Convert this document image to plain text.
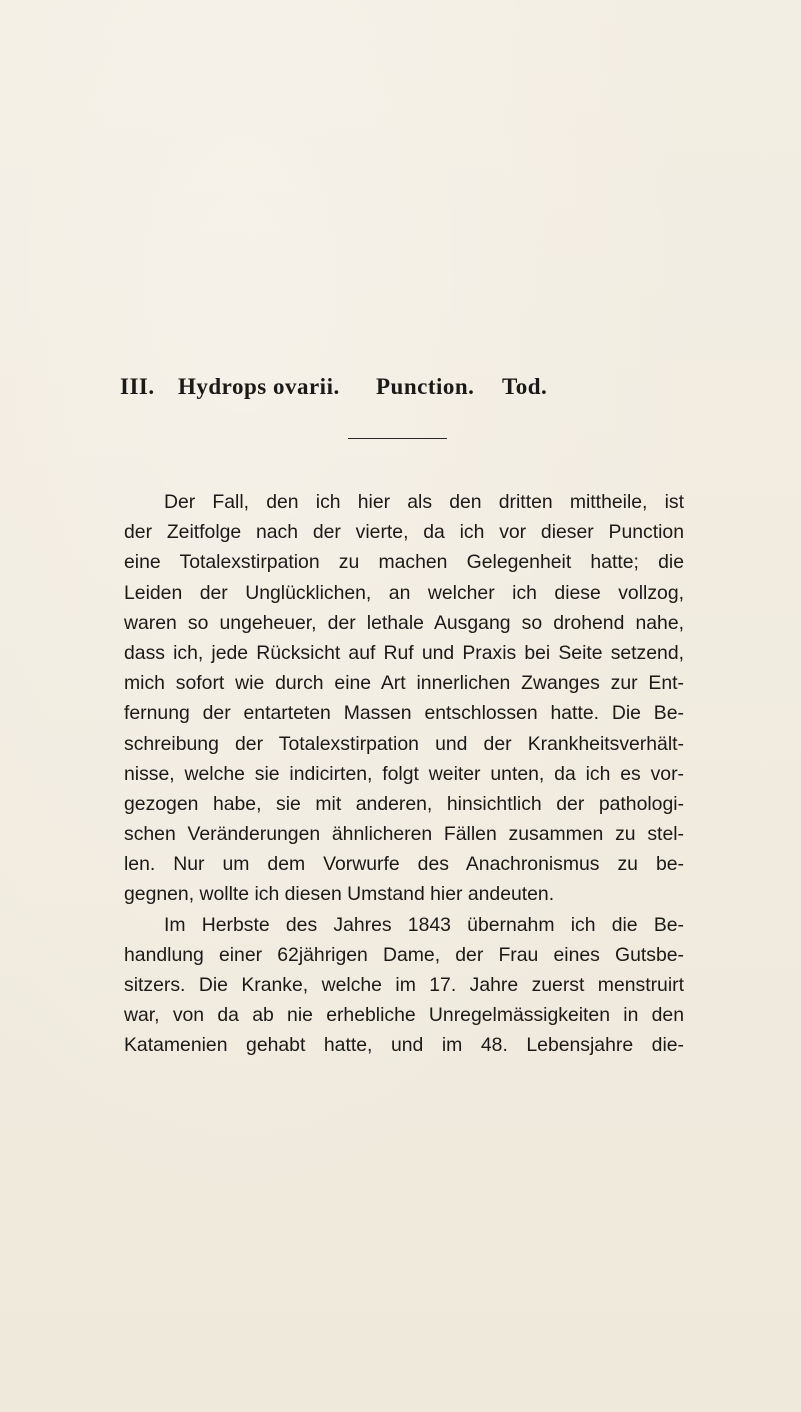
III. Hydrops ovarii. Punction. Tod.
Der Fall, den ich hier als den dritten mittheile, ist
der Zeitfolge nach der vierte, da ich vor dieser Punction
eine Totalexstirpation zu machen Gelegenheit hatte; die
Leiden der Unglücklichen, an welcher ich diese vollzog,
waren so ungeheuer, der lethale Ausgang so drohend nahe,
dass ich, jede Rücksicht auf Ruf und Praxis bei Seite setzend,
mich sofort wie durch eine Art innerlichen Zwanges zur Ent-
fernung der entarteten Massen entschlossen hatte. Die Be-
schreibung der Totalexstirpation und der Krankheitsverhält-
nisse, welche sie indicirten, folgt weiter unten, da ich es vor-
gezogen habe, sie mit anderen, hinsichtlich der pathologi-
schen Veränderungen ähnlicheren Fällen zusammen zu stel-
len. Nur um dem Vorwurfe des Anachronismus zu be-
gegnen, wollte ich diesen Umstand hier andeuten.
Im Herbste des Jahres 1843 übernahm ich die Be-
handlung einer 62jährigen Dame, der Frau eines Gutsbe-
sitzers. Die Kranke, welche im 17. Jahre zuerst menstruirt
war, von da ab nie erhebliche Unregelmässigkeiten in den
Katamenien gehabt hatte, und im 48. Lebensjahre die-
